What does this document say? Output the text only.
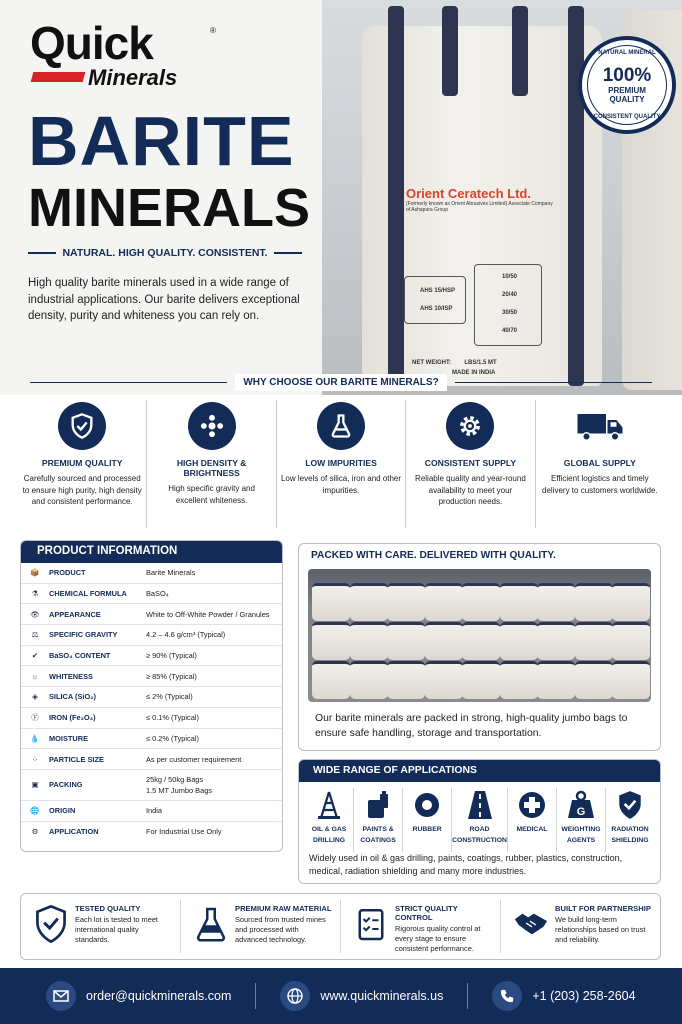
Orient Ceratech Ltd.
(Formerly known as Orient Abrasives Limited) Associate Company of Ashapura Group
AHS 15/HSP
AHS 10/ISP
10/50
20/40
30/50
40/70
NET WEIGHT:        LBS/1.5 MT
MADE IN INDIA
NATURAL MINERAL
100%
PREMIUM
QUALITY
CONSISTENT QUALITY
Quick	®
Minerals
BARITE
MINERALS
NATURAL. HIGH QUALITY. CONSISTENT.
High quality barite minerals used in a wide range of industrial applications. Our barite delivers exceptional density, purity and whiteness you can rely on.
WHY CHOOSE OUR BARITE MINERALS?
PREMIUM QUALITY

Carefully sourced and processed to ensure high purity, high density and consistent performance.

HIGH DENSITY & BRIGHTNESS

High specific gravity and excellent whiteness.

LOW IMPURITIES

Low levels of silica, iron and other impurities.

CONSISTENT SUPPLY

Reliable quality and year-round availability to meet your production needs.

GLOBAL SUPPLY

Efficient logistics and timely delivery to customers worldwide.

PRODUCT INFORMATION
📦	PRODUCT	Barite Minerals
⚗	CHEMICAL FORMULA	BaSO₄
👁	APPEARANCE	White to Off-White Powder / Granules
⚖	SPECIFIC GRAVITY	4.2 – 4.6 g/cm³ (Typical)
✔	BaSO₄ CONTENT	≥ 90% (Typical)
☼	WHITENESS	≥ 85% (Typical)
◈	SILICA (SiO₂)	≤ 2% (Typical)
Ⓕ	IRON (Fe₂O₃)	≤ 0.1% (Typical)
💧	MOISTURE	≤ 0.2% (Typical)
⁘	PARTICLE SIZE	As per customer requirement
▣	PACKING
25kg / 50kg Bags
1.5 MT Jumbo Bags
🌐	ORIGIN	India
⚙	APPLICATION	For Industrial Use Only
PACKED WITH CARE. DELIVERED WITH QUALITY.

Our barite minerals are packed in strong, high-quality jumbo bags to ensure safe handling, storage and transportation.

WIDE RANGE OF APPLICATIONS
OIL & GAS
DRILLING
PAINTS &
COATINGS
RUBBER	ROAD
CONSTRUCTION
MEDICAL
G
WEIGHTING
AGENTS
RADIATION
SHIELDING

Widely used in oil & gas drilling, paints, coatings, rubber, plastics, construction, medical, radiation shielding and many more industries.

TESTED QUALITY

Each lot is tested to meet international quality standards.

PREMIUM RAW MATERIAL

Sourced from trusted mines and processed with advanced technology.

STRICT QUALITY CONTROL

Rigorous quality control at every stage to ensure consistent performance.

BUILT FOR PARTNERSHIP

We build long-term relationships based on trust and reliability.

order@quickminerals.com	www.quickminerals.us	+1 (203) 258-2604
